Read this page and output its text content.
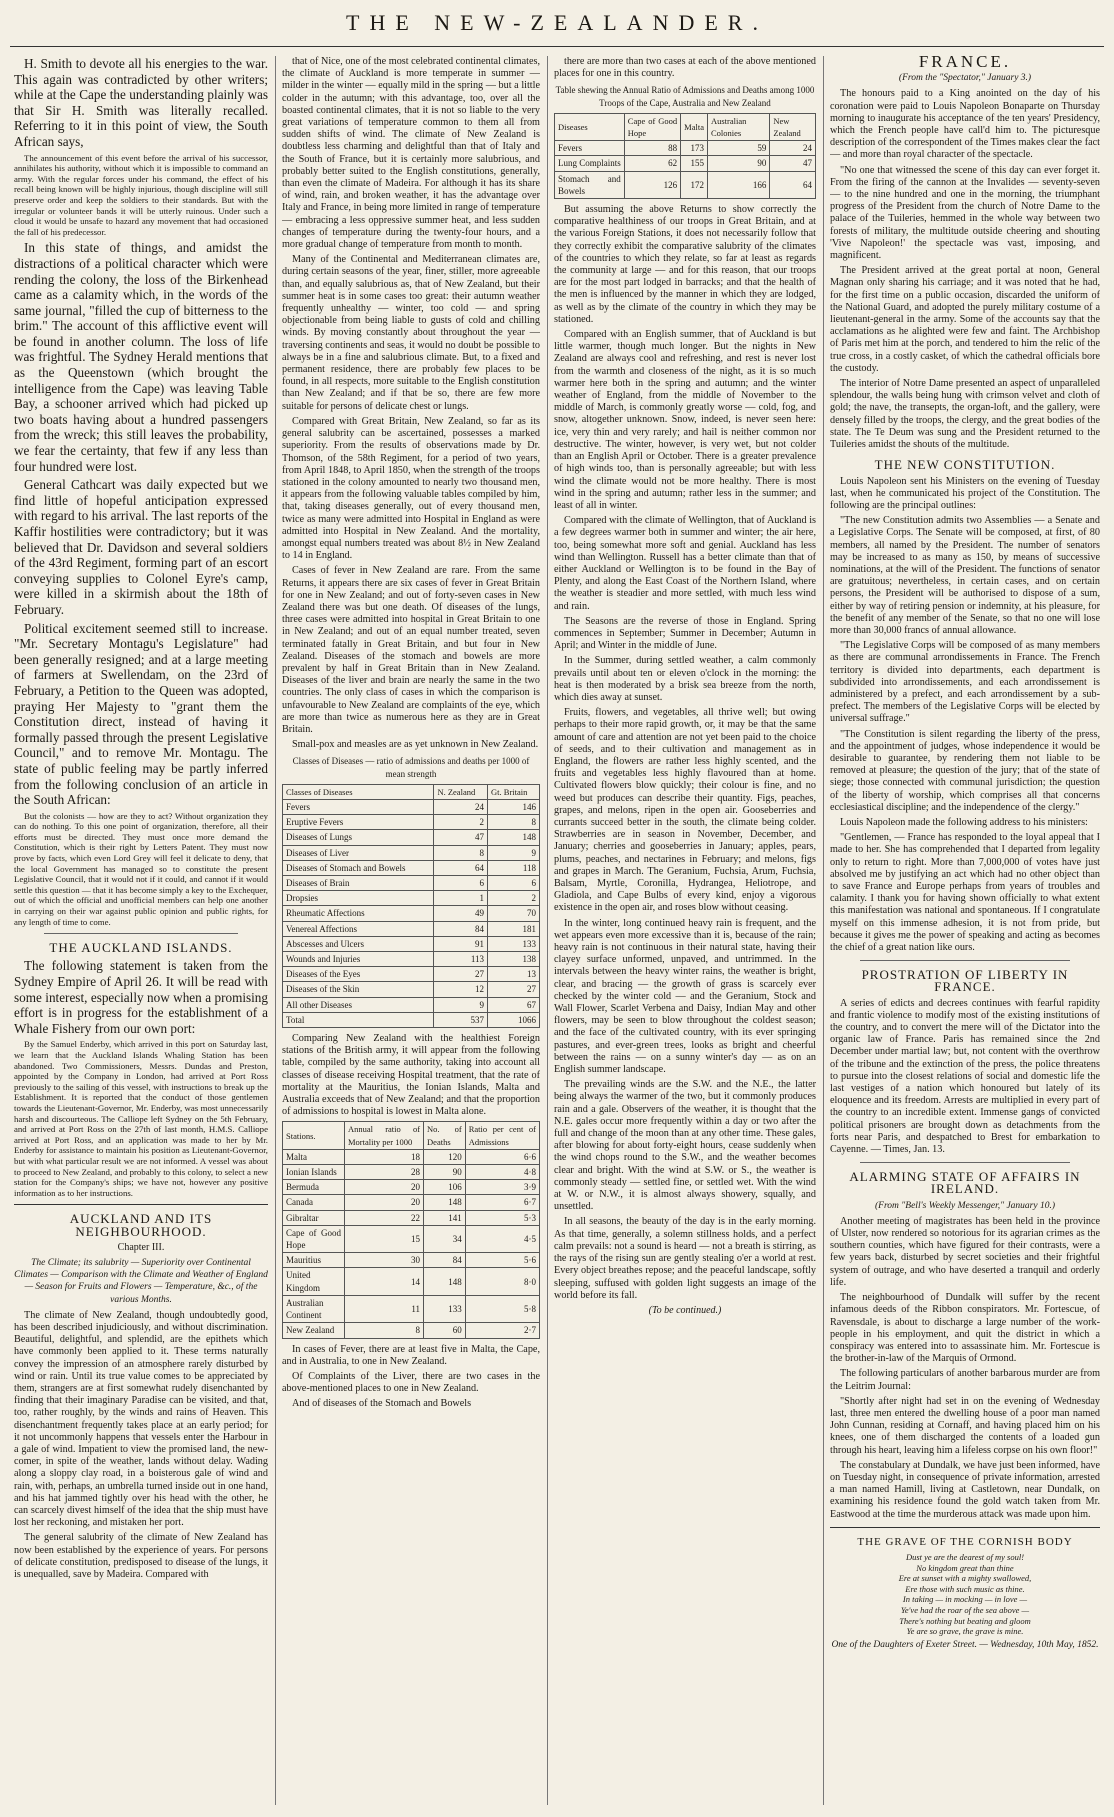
THE NEW-ZEALANDER.

H. Smith to devote all his energies to the war. This again was contradicted by other writers; while at the Cape the understanding plainly was that Sir H. Smith was literally recalled. Referring to it in this point of view, the South African says,

The announcement of this event before the arrival of his successor, annihilates his authority, without which it is impossible to command an army. With the regular forces under his command, the effect of his recall being known will be highly injurious, though discipline will still preserve order and keep the soldiers to their standards. But with the irregular or volunteer bands it will be utterly ruinous. Under such a cloud it would be unsafe to hazard any movement that had occasioned the fall of his predecessor.

In this state of things, and amidst the distractions of a political character which were rending the colony, the loss of the Birkenhead came as a calamity which, in the words of the same journal, "filled the cup of bitterness to the brim." The account of this afflictive event will be found in another column. The loss of life was frightful. The Sydney Herald mentions that as the Queenstown (which brought the intelligence from the Cape) was leaving Table Bay, a schooner arrived which had picked up two boats having about a hundred passengers from the wreck; this still leaves the probability, we fear the certainty, that few if any less than four hundred were lost.

General Cathcart was daily expected but we find little of hopeful anticipation expressed with regard to his arrival. The last reports of the Kaffir hostilities were contradictory; but it was believed that Dr. Davidson and several soldiers of the 43rd Regiment, forming part of an escort conveying supplies to Colonel Eyre's camp, were killed in a skirmish about the 18th of February.

Political excitement seemed still to increase. "Mr. Secretary Montagu's Legislature" had been generally resigned; and at a large meeting of farmers at Swellendam, on the 23rd of February, a Petition to the Queen was adopted, praying Her Majesty to "grant them the Constitution direct, instead of having it formally passed through the present Legislative Council," and to remove Mr. Montagu. The state of public feeling may be partly inferred from the following conclusion of an article in the South African:

But the colonists — how are they to act? Without organization they can do nothing. To this one point of organization, therefore, all their efforts must be directed. They must once more demand the Constitution, which is their right by Letters Patent. They must now prove by facts, which even Lord Grey will feel it delicate to deny, that the local Government has managed so to constitute the present Legislative Council, that it would not if it could, and cannot if it would settle this question — that it has become simply a key to the Exchequer, out of which the official and unofficial members can help one another in carrying on their war against public opinion and public rights, for any length of time to come.

THE AUCKLAND ISLANDS.

The following statement is taken from the Sydney Empire of April 26. It will be read with some interest, especially now when a promising effort is in progress for the establishment of a Whale Fishery from our own port:

By the Samuel Enderby, which arrived in this port on Saturday last, we learn that the Auckland Islands Whaling Station has been abandoned. Two Commissioners, Messrs. Dundas and Preston, appointed by the Company in London, had arrived at Port Ross previously to the sailing of this vessel, with instructions to break up the Establishment. It is reported that the conduct of those gentlemen towards the Lieutenant-Governor, Mr. Enderby, was most unnecessarily harsh and discourteous. The Calliope left Sydney on the 5th February, and arrived at Port Ross on the 27th of last month, H.M.S. Calliope arrived at Port Ross, and an application was made to her by Mr. Enderby for assistance to maintain his position as Lieutenant-Governor, but with what particular result we are not informed. A vessel was about to proceed to New Zealand, and probably to this colony, to select a new station for the Company's ships; we have not, however any positive information as to her instructions.

AUCKLAND AND ITS NEIGHBOURHOOD.
Chapter III.
The Climate; its salubrity — Superiority over Continental Climates — Comparison with the Climate and Weather of England — Season for Fruits and Flowers — Temperature, &c., of the various Months.

The climate of New Zealand, though undoubtedly good, has been described injudiciously, and without discrimination. Beautiful, delightful, and splendid, are the epithets which have commonly been applied to it. These terms naturally convey the impression of an atmosphere rarely disturbed by wind or rain. Until its true value comes to be appreciated by them, strangers are at first somewhat rudely disenchanted by finding that their imaginary Paradise can be visited, and that, too, rather roughly, by the winds and rains of Heaven. This disenchantment frequently takes place at an early period; for it not uncommonly happens that vessels enter the Harbour in a gale of wind. Impatient to view the promised land, the new-comer, in spite of the weather, lands without delay. Wading along a sloppy clay road, in a boisterous gale of wind and rain, with, perhaps, an umbrella turned inside out in one hand, and his hat jammed tightly over his head with the other, he can scarcely divest himself of the idea that the ship must have lost her reckoning, and mistaken her port.

The general salubrity of the climate of New Zealand has now been established by the experience of years. For persons of delicate constitution, predisposed to disease of the lungs, it is unequalled, save by Madeira. Compared with

that of Nice, one of the most celebrated continental climates, the climate of Auckland is more temperate in summer — milder in the winter — equally mild in the spring — but a little colder in the autumn; with this advantage, too, over all the boasted continental climates, that it is not so liable to the very great variations of temperature common to them all from sudden shifts of wind. The climate of New Zealand is doubtless less charming and delightful than that of Italy and the South of France, but it is certainly more salubrious, and probably better suited to the English constitutions, generally, than even the climate of Madeira. For although it has its share of wind, rain, and broken weather, it has the advantage over Italy and France, in being more limited in range of temperature — embracing a less oppressive summer heat, and less sudden changes of temperature during the twenty-four hours, and a more gradual change of temperature from month to month.

Many of the Continental and Mediterranean climates are, during certain seasons of the year, finer, stiller, more agreeable than, and equally salubrious as, that of New Zealand, but their summer heat is in some cases too great: their autumn weather frequently unhealthy — winter, too cold — and spring objectionable from being liable to gusts of cold and chilling winds. By moving constantly about throughout the year — traversing continents and seas, it would no doubt be possible to always be in a fine and salubrious climate. But, to a fixed and permanent residence, there are probably few places to be found, in all respects, more suitable to the English constitution than New Zealand; and if that be so, there are few more suitable for persons of delicate chest or lungs.

Compared with Great Britain, New Zealand, so far as its general salubrity can be ascertained, possesses a marked superiority. From the results of observations made by Dr. Thomson, of the 58th Regiment, for a period of two years, from April 1848, to April 1850, when the strength of the troops stationed in the colony amounted to nearly two thousand men, it appears from the following valuable tables compiled by him, that, taking diseases generally, out of every thousand men, twice as many were admitted into Hospital in England as were admitted into Hospital in New Zealand. And the mortality, amongst equal numbers treated was about 8½ in New Zealand to 14 in England.

Cases of fever in New Zealand are rare. From the same Returns, it appears there are six cases of fever in Great Britain for one in New Zealand; and out of forty-seven cases in New Zealand there was but one death. Of diseases of the lungs, three cases were admitted into hospital in Great Britain to one in New Zealand; and out of an equal number treated, seven terminated fatally in Great Britain, and but four in New Zealand. Diseases of the stomach and bowels are more prevalent by half in Great Britain than in New Zealand. Diseases of the liver and brain are nearly the same in the two countries. The only class of cases in which the comparison is unfavourable to New Zealand are complaints of the eye, which are more than twice as numerous here as they are in Great Britain.

Small-pox and measles are as yet unknown in New Zealand.

Classes of Diseases — ratio of admissions and deaths per 1000 of mean strength
Classes of Diseases	N. Zealand	Gt. Britain
Fevers	24	146
Eruptive Fevers	2	8
Diseases of Lungs	47	148
Diseases of Liver	8	9
Diseases of Stomach and Bowels	64	118
Diseases of Brain	6	6
Dropsies	1	2
Rheumatic Affections	49	70
Venereal Affections	84	181
Abscesses and Ulcers	91	133
Wounds and Injuries	113	138
Diseases of the Eyes	27	13
Diseases of the Skin	12	27
All other Diseases	9	67
Total	537	1066

Comparing New Zealand with the healthiest Foreign stations of the British army, it will appear from the following table, compiled by the same authority, taking into account all classes of disease receiving Hospital treatment, that the rate of mortality at the Mauritius, the Ionian Islands, Malta and Australia exceeds that of New Zealand; and that the proportion of admissions to hospital is lowest in Malta alone.

Stations.	Annual ratio of Mortality per 1000	No. of Deaths	Ratio per cent of Admissions
Malta	18	120	6·6
Ionian Islands	28	90	4·8
Bermuda	20	106	3·9
Canada	20	148	6·7
Gibraltar	22	141	5·3
Cape of Good Hope	15	34	4·5
Mauritius	30	84	5·6
United Kingdom	14	148	8·0
Australian Continent	11	133	5·8
New Zealand	8	60	2·7

In cases of Fever, there are at least five in Malta, the Cape, and in Australia, to one in New Zealand.

Of Complaints of the Liver, there are two cases in the above-mentioned places to one in New Zealand.

And of diseases of the Stomach and Bowels

there are more than two cases at each of the above mentioned places for one in this country.

Table shewing the Annual Ratio of Admissions and Deaths among 1000 Troops of the Cape, Australia and New Zealand
Diseases	Cape of Good Hope	Malta	Australian Colonies	New Zealand
Fevers	88	173	59	24
Lung Complaints	62	155	90	47
Stomach and Bowels	126	172	166	64

But assuming the above Returns to show correctly the comparative healthiness of our troops in Great Britain, and at the various Foreign Stations, it does not necessarily follow that they correctly exhibit the comparative salubrity of the climates of the countries to which they relate, so far at least as regards the community at large — and for this reason, that our troops are for the most part lodged in barracks; and that the health of the men is influenced by the manner in which they are lodged, as well as by the climate of the country in which they may be stationed.

Compared with an English summer, that of Auckland is but little warmer, though much longer. But the nights in New Zealand are always cool and refreshing, and rest is never lost from the warmth and closeness of the night, as it is so much warmer here both in the spring and autumn; and the winter weather of England, from the middle of November to the middle of March, is commonly greatly worse — cold, fog, and snow, altogether unknown. Snow, indeed, is never seen here: ice, very thin and very rarely; and hail is neither common nor destructive. The winter, however, is very wet, but not colder than an English April or October. There is a greater prevalence of high winds too, than is personally agreeable; but with less wind the climate would not be more healthy. There is most wind in the spring and autumn; rather less in the summer; and least of all in winter.

Compared with the climate of Wellington, that of Auckland is a few degrees warmer both in summer and winter; the air here, too, being somewhat more soft and genial. Auckland has less wind than Wellington. Russell has a better climate than that of either Auckland or Wellington is to be found in the Bay of Plenty, and along the East Coast of the Northern Island, where the weather is steadier and more settled, with much less wind and rain.

The Seasons are the reverse of those in England. Spring commences in September; Summer in December; Autumn in April; and Winter in the middle of June.

In the Summer, during settled weather, a calm commonly prevails until about ten or eleven o'clock in the morning: the heat is then moderated by a brisk sea breeze from the north, which dies away at sunset.

Fruits, flowers, and vegetables, all thrive well; but owing perhaps to their more rapid growth, or, it may be that the same amount of care and attention are not yet been paid to the choice of seeds, and to their cultivation and management as in England, the flowers are rather less highly scented, and the fruits and vegetables less highly flavoured than at home. Cultivated flowers blow quickly; their colour is fine, and no weed but produces can describe their quantity. Figs, peaches, grapes, and melons, ripen in the open air. Gooseberries and currants succeed better in the south, the climate being colder. Strawberries are in season in November, December, and January; cherries and gooseberries in January; apples, pears, plums, peaches, and nectarines in February; and melons, figs and grapes in March. The Geranium, Fuchsia, Arum, Fuchsia, Balsam, Myrtle, Coronilla, Hydrangea, Heliotrope, and Gladiola, and Cape Bulbs of every kind, enjoy a vigorous existence in the open air, and roses blow without ceasing.

In the winter, long continued heavy rain is frequent, and the wet appears even more excessive than it is, because of the rain; heavy rain is not continuous in their natural state, having their clayey surface unformed, unpaved, and untrimmed. In the intervals between the heavy winter rains, the weather is bright, clear, and bracing — the growth of grass is scarcely ever checked by the winter cold — and the Geranium, Stock and Wall Flower, Scarlet Verbena and Daisy, Indian May and other flowers, may be seen to blow throughout the coldest season; and the face of the cultivated country, with its ever springing pastures, and ever-green trees, looks as bright and cheerful between the rains — on a sunny winter's day — as on an English summer landscape.

The prevailing winds are the S.W. and the N.E., the latter being always the warmer of the two, but it commonly produces rain and a gale. Observers of the weather, it is thought that the N.E. gales occur more frequently within a day or two after the full and change of the moon than at any other time. These gales, after blowing for about forty-eight hours, cease suddenly when the wind chops round to the S.W., and the weather becomes clear and bright. With the wind at S.W. or S., the weather is commonly steady — settled fine, or settled wet. With the wind at W. or N.W., it is almost always showery, squally, and unsettled.

In all seasons, the beauty of the day is in the early morning. As that time, generally, a solemn stillness holds, and a perfect calm prevails: not a sound is heard — not a breath is stirring, as the rays of the rising sun are gently stealing o'er a world at rest. Every object breathes repose; and the peaceful landscape, softly sleeping, suffused with golden light suggests an image of the world before its fall.

(To be continued.)
FRANCE.
(From the "Spectator," January 3.)

The honours paid to a King anointed on the day of his coronation were paid to Louis Napoleon Bonaparte on Thursday morning to inaugurate his acceptance of the ten years' Presidency, which the French people have call'd him to. The picturesque description of the correspondent of the Times makes clear the fact — and more than royal character of the spectacle.

"No one that witnessed the scene of this day can ever forget it. From the firing of the cannon at the Invalides — seventy-seven — to the nine hundred and one in the morning, the triumphant progress of the President from the church of Notre Dame to the palace of the Tuileries, hemmed in the whole way between two forests of military, the multitude outside cheering and shouting 'Vive Napoleon!' the spectacle was vast, imposing, and magnificent.

The President arrived at the great portal at noon, General Magnan only sharing his carriage; and it was noted that he had, for the first time on a public occasion, discarded the uniform of the National Guard, and adopted the purely military costume of a lieutenant-general in the army. Some of the accounts say that the acclamations as he alighted were few and faint. The Archbishop of Paris met him at the porch, and tendered to him the relic of the true cross, in a costly casket, of which the cathedral officials bore the custody.

The interior of Notre Dame presented an aspect of unparalleled splendour, the walls being hung with crimson velvet and cloth of gold; the nave, the transepts, the organ-loft, and the gallery, were densely filled by the troops, the clergy, and the great bodies of the state. The Te Deum was sung and the President returned to the Tuileries amidst the shouts of the multitude.

THE NEW CONSTITUTION.

Louis Napoleon sent his Ministers on the evening of Tuesday last, when he communicated his project of the Constitution. The following are the principal outlines:

"The new Constitution admits two Assemblies — a Senate and a Legislative Corps. The Senate will be composed, at first, of 80 members, all named by the President. The number of senators may be increased to as many as 150, by means of successive nominations, at the will of the President. The functions of senator are gratuitous; nevertheless, in certain cases, and on certain persons, the President will be authorised to dispose of a sum, either by way of retiring pension or indemnity, at his pleasure, for the benefit of any member of the Senate, so that no one will lose more than 30,000 francs of annual allowance.

"The Legislative Corps will be composed of as many members as there are communal arrondissements in France. The French territory is divided into departments, each department is subdivided into arrondissements, and each arrondissement is administered by a prefect, and each arrondissement by a sub-prefect. The members of the Legislative Corps will be elected by universal suffrage."

"The Constitution is silent regarding the liberty of the press, and the appointment of judges, whose independence it would be desirable to guarantee, by rendering them not liable to be removed at pleasure; the question of the jury; that of the state of siege; those connected with communal jurisdiction; the question of the liberty of worship, which comprises all that concerns ecclesiastical discipline; and the independence of the clergy."

Louis Napoleon made the following address to his ministers:

"Gentlemen, — France has responded to the loyal appeal that I made to her. She has comprehended that I departed from legality only to return to right. More than 7,000,000 of votes have just absolved me by justifying an act which had no other object than to save France and Europe perhaps from years of troubles and calamity. I thank you for having shown officially to what extent this manifestation was national and spontaneous. If I congratulate myself on this immense adhesion, it is not from pride, but because it gives me the power of speaking and acting as becomes the chief of a great nation like ours.

PROSTRATION OF LIBERTY IN FRANCE.

A series of edicts and decrees continues with fearful rapidity and frantic violence to modify most of the existing institutions of the country, and to convert the mere will of the Dictator into the organic law of France. Paris has remained since the 2nd December under martial law; but, not content with the overthrow of the tribune and the extinction of the press, the police threatens to pursue into the closest relations of social and domestic life the last vestiges of a nation which honoured but lately of its eloquence and its freedom. Arrests are multiplied in every part of the country to an incredible extent. Immense gangs of convicted political prisoners are brought down as detachments from the forts near Paris, and despatched to Brest for embarkation to Cayenne. — Times, Jan. 13.

ALARMING STATE OF AFFAIRS IN IRELAND.
(From "Bell's Weekly Messenger," January 10.)

Another meeting of magistrates has been held in the province of Ulster, now rendered so notorious for its agrarian crimes as the southern counties, which have figured for their contrasts, were a few years back, disturbed by secret societies and their frightful system of outrage, and who have deserted a tranquil and orderly life.

The neighbourhood of Dundalk will suffer by the recent infamous deeds of the Ribbon conspirators. Mr. Fortescue, of Ravensdale, is about to discharge a large number of the work-people in his employment, and quit the district in which a conspiracy was entered into to assassinate him. Mr. Fortescue is the brother-in-law of the Marquis of Ormond.

The following particulars of another barbarous murder are from the Leitrim Journal:

"Shortly after night had set in on the evening of Wednesday last, three men entered the dwelling house of a poor man named John Cunnan, residing at Cornaff, and having placed him on his knees, one of them discharged the contents of a loaded gun through his heart, leaving him a lifeless corpse on his own floor!"

The constabulary at Dundalk, we have just been informed, have on Tuesday night, in consequence of private information, arrested a man named Hamill, living at Castletown, near Dundalk, on examining his residence found the gold watch taken from Mr. Eastwood at the time the murderous attack was made upon him.

THE GRAVE OF THE CORNISH BODY
Dust ye are the dearest of my soul!
No kingdom great than thine
Ere at sunset with a mighty swallowed,
Ere those with such music as thine.
In taking — in mocking — in love —
Ye've had the roar of the sea above —
There's nothing but beating and gloom
Ye are so grave, the grave is mine.
One of the Daughters of Exeter Street. — Wednesday, 10th May, 1852.
